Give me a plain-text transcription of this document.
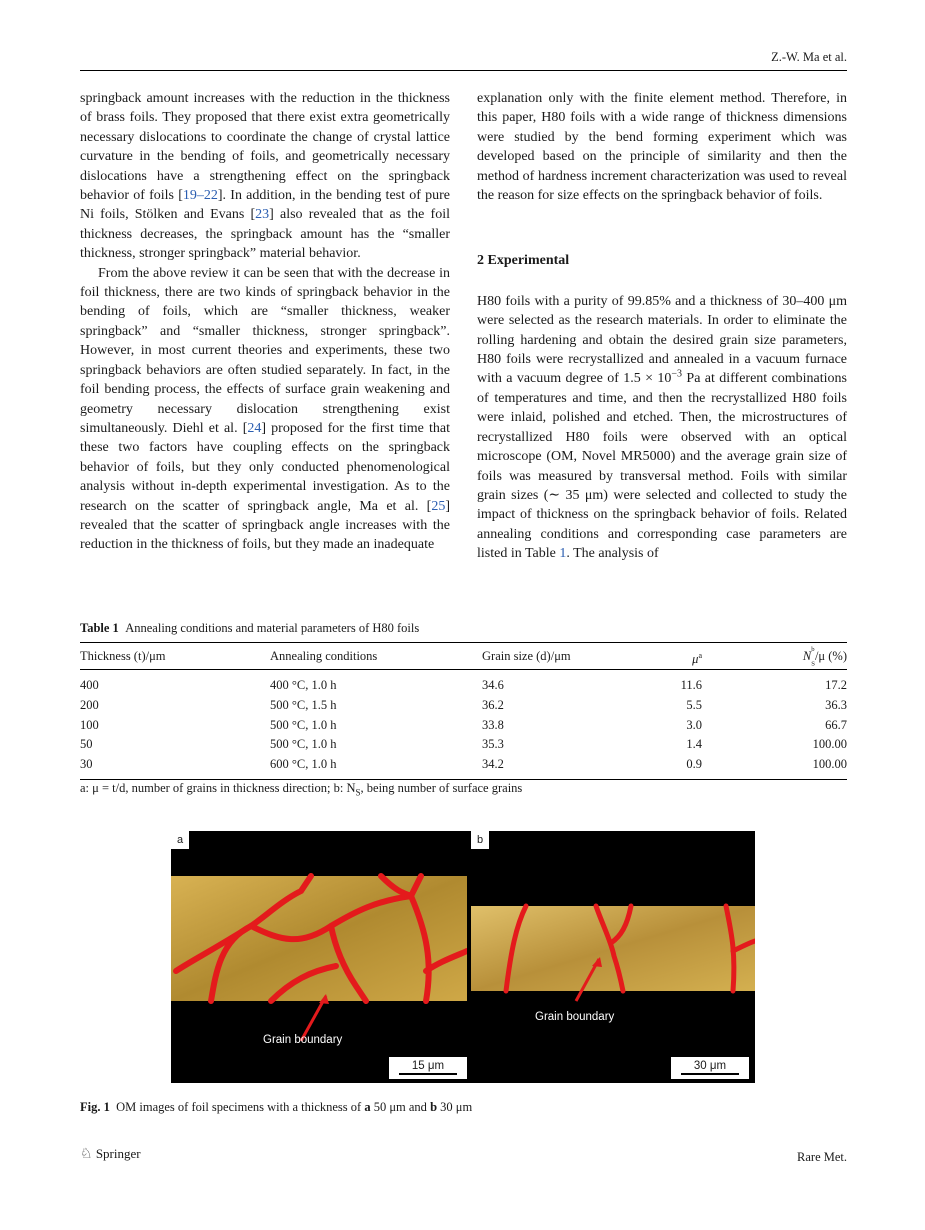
Z.-W. Ma et al.

springback amount increases with the reduction in the thickness of brass foils. They proposed that there exist extra geometrically necessary dislocations to coordinate the change of crystal lattice curvature in the bending of foils, and geometrically necessary dislocations have a strengthening effect on the springback behavior of foils [19–22]. In addition, in the bending test of pure Ni foils, Stölken and Evans [23] also revealed that as the foil thickness decreases, the springback amount has the “smaller thickness, stronger springback” material behavior.

From the above review it can be seen that with the decrease in foil thickness, there are two kinds of springback behavior in the bending of foils, which are “smaller thickness, weaker springback” and “smaller thickness, stronger springback”. However, in most current theories and experiments, these two springback behaviors are often studied separately. In fact, in the foil bending process, the effects of surface grain weakening and geometry necessary dislocation strengthening exist simultaneously. Diehl et al. [24] proposed for the first time that these two factors have coupling effects on the springback behavior of foils, but they only conducted phenomenological analysis without in-depth experimental investigation. As to the research on the scatter of springback angle, Ma et al. [25] revealed that the scatter of springback angle increases with the reduction in the thickness of foils, but they made an inadequate

explanation only with the finite element method. Therefore, in this paper, H80 foils with a wide range of thickness dimensions were studied by the bend forming experiment which was developed based on the principle of similarity and then the method of hardness increment characterization was used to reveal the reason for size effects on the springback behavior of foils.

2 Experimental

H80 foils with a purity of 99.85% and a thickness of 30–400 μm were selected as the research materials. In order to eliminate the rolling hardening and obtain the desired grain size parameters, H80 foils were recrystallized and annealed in a vacuum furnace with a vacuum degree of $1.5 \times 10^{-3}$ Pa at different combinations of temperatures and time, and then the recrystallized H80 foils were inlaid, polished and etched. Then, the microstructures of recrystallized H80 foils were observed with an optical microscope (OM, Novel MR5000) and the average grain size of foils was measured by transversal method. Foils with similar grain sizes (∼ 35 μm) were selected and collected to study the impact of thickness on the springback behavior of foils. Related annealing conditions and corresponding case parameters are listed in Table 1. The analysis of

Table 1 Annealing conditions and material parameters of H80 foils
Thickness (t)/μm	Annealing conditions	Grain size (d)/μm	$\mu^a$	$N^b$
$_S$/μ (%)
400	400 °C, 1.0 h	34.6	11.6	17.2
200	500 °C, 1.5 h	36.2	5.5	36.3
100	500 °C, 1.0 h	33.8	3.0	66.7
50	500 °C, 1.0 h	35.3	1.4	100.00
30	600 °C, 1.0 h	34.2	0.9	100.00
a: μ = t/d, number of grains in thickness direction; b: $N_S$, being number of surface grains
a
Grain boundary
15 μm
b
Grain boundary
30 μm
Fig. 1 OM images of foil specimens with a thickness of a 50 μm and b 30 μm
♘ Springer	Rare Met.
